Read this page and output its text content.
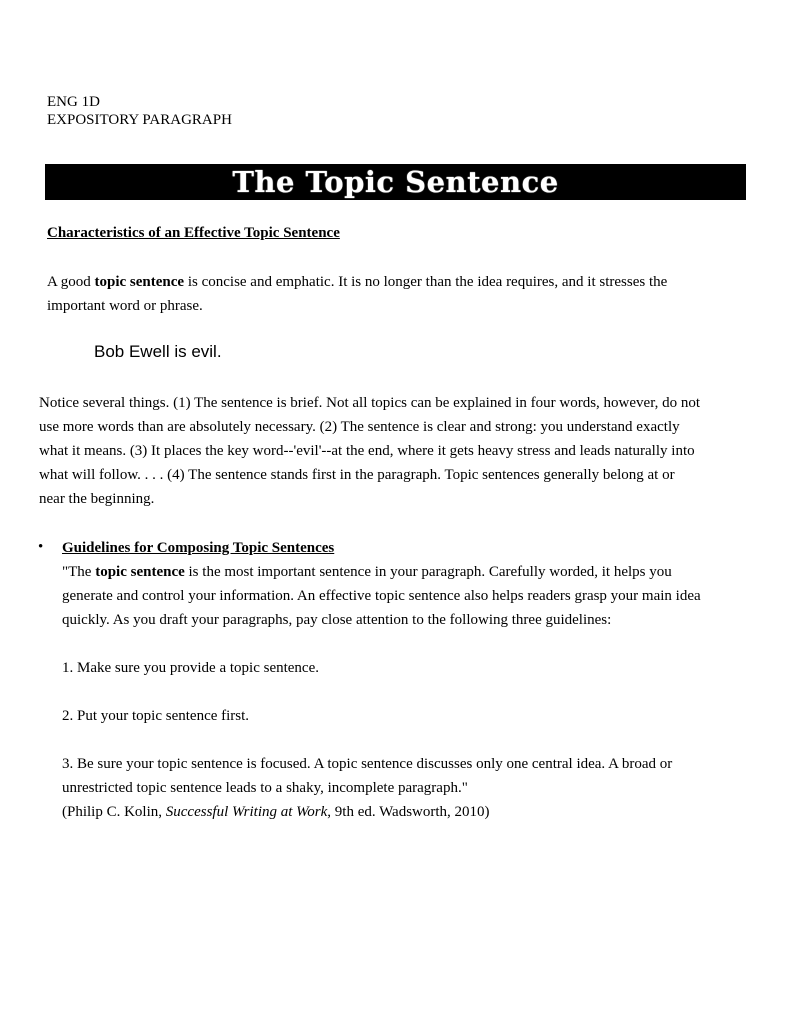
ENG 1D
EXPOSITORY PARAGRAPH
The Topic Sentence
Characteristics of an Effective Topic Sentence
A good topic sentence is concise and emphatic. It is no longer than the idea requires, and it stresses the
important word or phrase.
Bob Ewell is evil.
Notice several things. (1) The sentence is brief. Not all topics can be explained in four words, however, do not
use more words than are absolutely necessary. (2) The sentence is clear and strong: you understand exactly
what it means. (3) It places the key word--'evil'--at the end, where it gets heavy stress and leads naturally into
what will follow. . . . (4) The sentence stands first in the paragraph. Topic sentences generally belong at or
near the beginning.
• Guidelines for Composing Topic Sentences
"The topic sentence is the most important sentence in your paragraph. Carefully worded, it helps you
generate and control your information. An effective topic sentence also helps readers grasp your main idea
quickly. As you draft your paragraphs, pay close attention to the following three guidelines:
1. Make sure you provide a topic sentence.
2. Put your topic sentence first.
3. Be sure your topic sentence is focused. A topic sentence discusses only one central idea. A broad or
unrestricted topic sentence leads to a shaky, incomplete paragraph."
(Philip C. Kolin, Successful Writing at Work, 9th ed. Wadsworth, 2010)
